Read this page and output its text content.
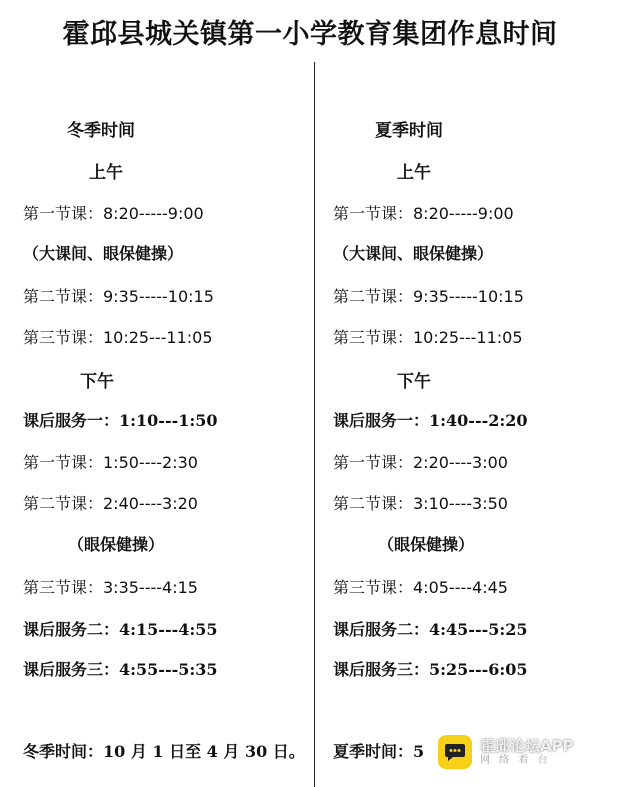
霍邱县城关镇第一小学教育集团作息时间
冬季时间
上午
第一节课：8:20-----9:00
（大课间、眼保健操）
第二节课：9:35-----10:15
第三节课：10:25---11:05
下午
课后服务一：1:10---1:50
第一节课：1:50----2:30
第二节课：2:40----3:20
（眼保健操）
第三节课：3:35----4:15
课后服务二：4:15---4:55
课后服务三：4:55---5:35
冬季时间：10 月 1 日至 4 月 30 日。
夏季时间
上午
第一节课：8:20-----9:00
（大课间、眼保健操）
第二节课：9:35-----10:15
第三节课：10:25---11:05
下午
课后服务一：1:40---2:20
第一节课：2:20----3:00
第二节课：3:10----3:50
（眼保健操）
第三节课：4:05----4:45
课后服务二：4:45---5:25
课后服务三：5:25---6:05
夏季时间：5	霍邱论坛APP
网 络 看 台
